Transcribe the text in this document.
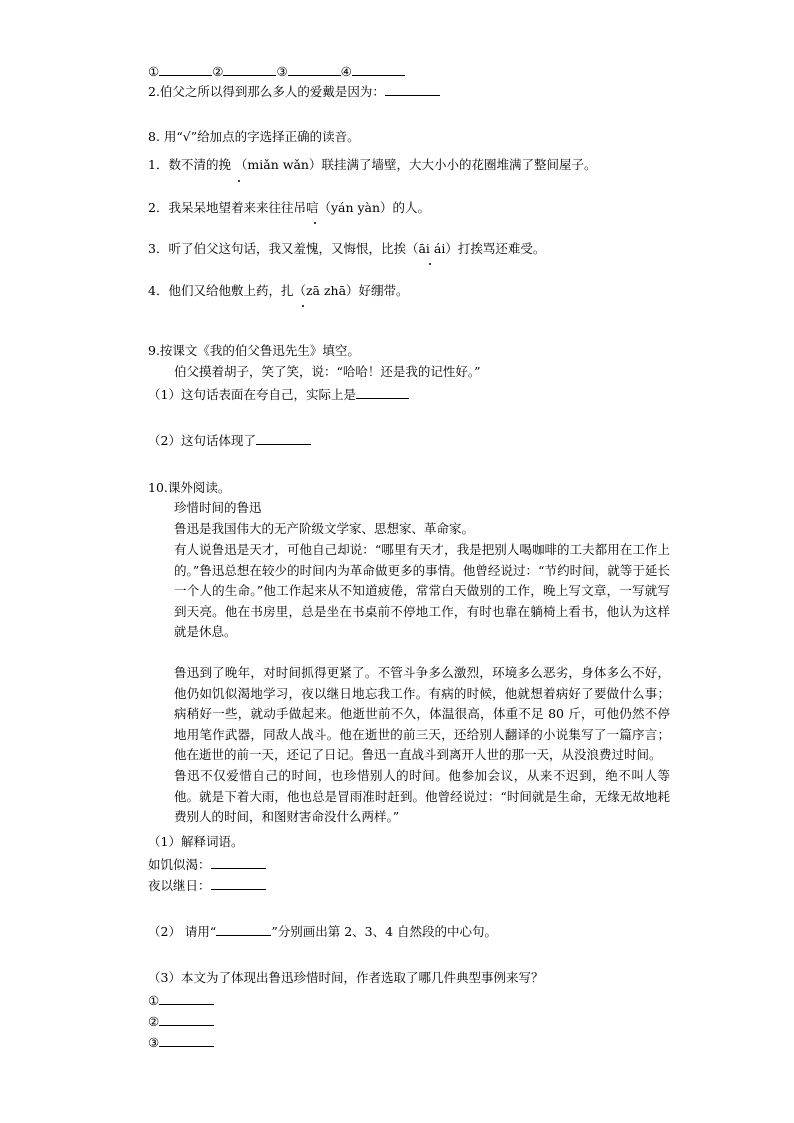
①	②	③	④
2.伯父之所以得到那么多人的爱戴是因为：
8. 用“√”给加点的字选择正确的读音。
1．数不清的挽 （miǎn wǎn）联挂满了墙壁，大大小小的花圈堆满了整间屋子。
2．我呆呆地望着来来往往吊唁（yán yàn）的人。
3．听了伯父这句话，我又羞愧，又悔恨，比挨（āi ái）打挨骂还难受。
4．他们又给他敷上药，扎（zā zhā）好绷带。
9.按课文《我的伯父鲁迅先生》填空。
伯父摸着胡子，笑了笑，说：“哈哈！还是我的记性好。”
（1）这句话表面在夸自己，实际上是
（2）这句话体现了
10.课外阅读。
珍惜时间的鲁迅
鲁迅是我国伟大的无产阶级文学家、思想家、革命家。
有人说鲁迅是天才，可他自己却说：“哪里有天才，我是把别人喝咖啡的工夫都用在工作上的。”鲁迅总想在较少的时间内为革命做更多的事情。他曾经说过：“节约时间，就等于延长一个人的生命。”他工作起来从不知道疲倦，常常白天做别的工作，晚上写文章，一写就写到天亮。他在书房里，总是坐在书桌前不停地工作，有时也靠在躺椅上看书，他认为这样就是休息。
鲁迅到了晚年，对时间抓得更紧了。不管斗争多么激烈，环境多么恶劣，身体多么不好，他仍如饥似渴地学习，夜以继日地忘我工作。有病的时候，他就想着病好了要做什么事；病稍好一些，就动手做起来。他逝世前不久，体温很高，体重不足 80 斤，可他仍然不停地用笔作武器，同敌人战斗。他在逝世的前三天，还给别人翻译的小说集写了一篇序言；他在逝世的前一天，还记了日记。鲁迅一直战斗到离开人世的那一天，从没浪费过时间。
鲁迅不仅爱惜自己的时间，也珍惜别人的时间。他参加会议，从来不迟到，绝不叫人等他。就是下着大雨，他也总是冒雨准时赶到。他曾经说过：“时间就是生命，无缘无故地耗费别人的时间，和图财害命没什么两样。”
（1）解释词语。
如饥似渴：
夜以继日：
（2） 请用“	”分别画出第 2、3、4 自然段的中心句。
（3）本文为了体现出鲁迅珍惜时间，作者选取了哪几件典型事例来写？
①
②
③
